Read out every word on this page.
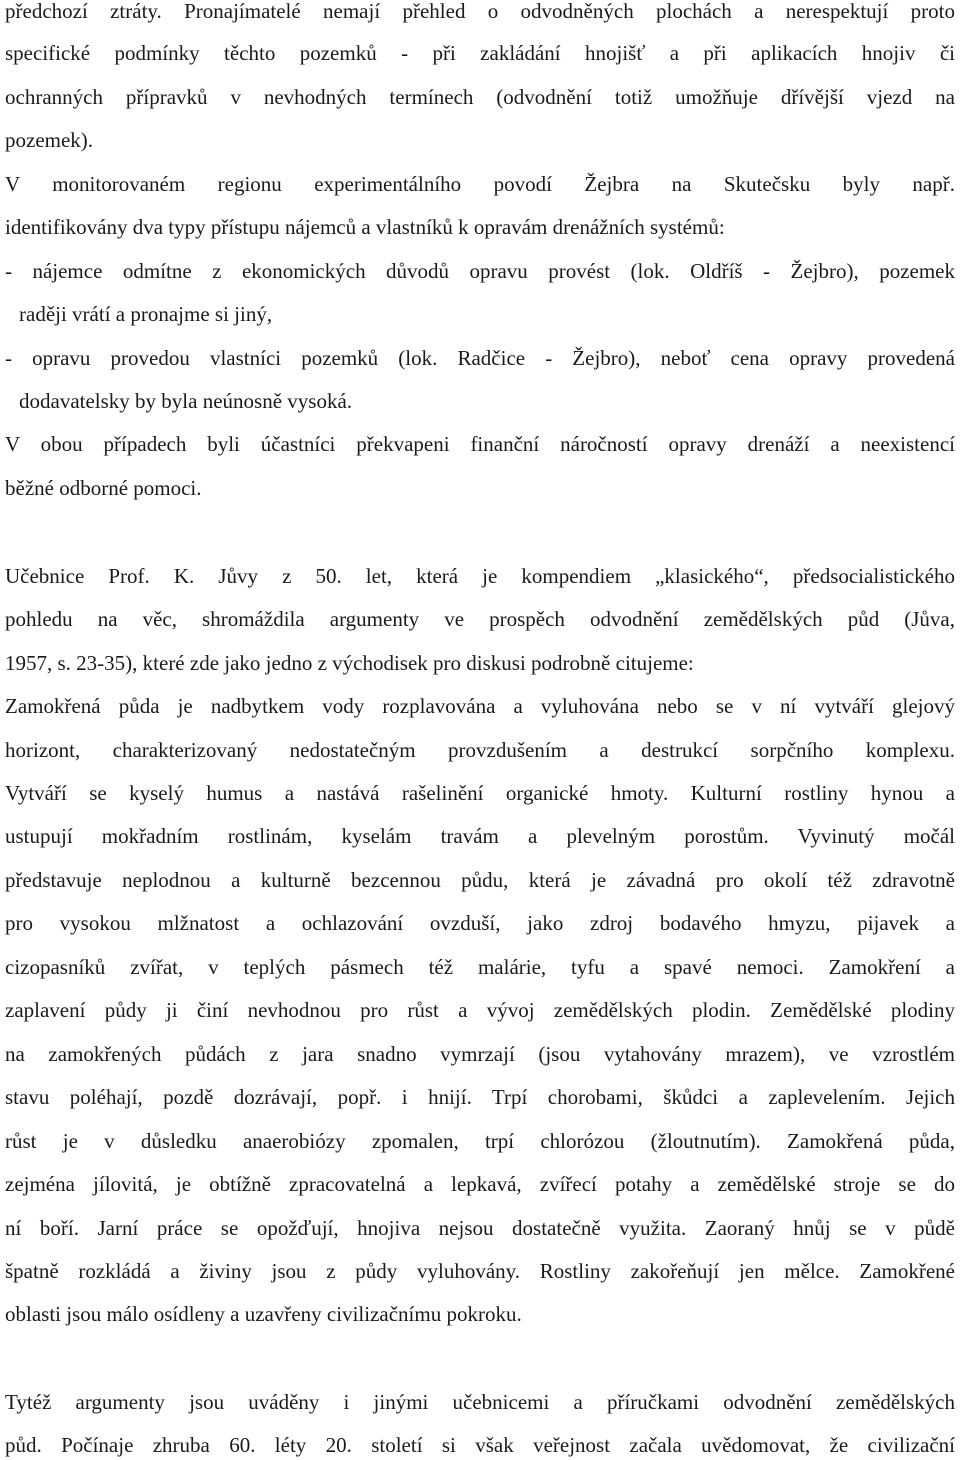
předchozí ztráty. Pronajímatelé nemají přehled o odvodněných plochách a nerespektují proto
specifické podmínky těchto pozemků - při zakládání hnojišť a při aplikacích hnojiv či
ochranných přípravků v nevhodných termínech (odvodnění totiž umožňuje dřívější vjezd na
pozemek).
V monitorovaném regionu experimentálního povodí Žejbra na Skutečsku byly např.
identifikovány dva typy přístupu nájemců a vlastníků k opravám drenážních systémů:
- nájemce odmítne z ekonomických důvodů opravu provést (lok. Oldříš - Žejbro), pozemek
raději vrátí a pronajme si jiný,
- opravu provedou vlastníci pozemků (lok. Radčice - Žejbro), neboť cena opravy provedená
dodavatelsky by byla neúnosně vysoká.
V obou případech byli účastníci překvapeni finanční náročností opravy drenáží a neexistencí
běžné odborné pomoci.
Učebnice Prof. K. Jůvy z 50. let, která je kompendiem „klasického“, předsocialistického
pohledu na věc, shromáždila argumenty ve prospěch odvodnění zemědělských půd (Jůva,
1957, s. 23-35), které zde jako jedno z východisek pro diskusi podrobně citujeme:
Zamokřená půda je nadbytkem vody rozplavována a vyluhována nebo se v ní vytváří glejový
horizont, charakterizovaný nedostatečným provzdušením a destrukcí sorpčního komplexu.
Vytváří se kyselý humus a nastává rašelinění organické hmoty. Kulturní rostliny hynou a
ustupují mokřadním rostlinám, kyselám travám a plevelným porostům. Vyvinutý močál
představuje neplodnou a kulturně bezcennou půdu, která je závadná pro okolí též zdravotně
pro vysokou mlžnatost a ochlazování ovzduší, jako zdroj bodavého hmyzu, pijavek a
cizopasníků zvířat, v teplých pásmech též malárie, tyfu a spavé nemoci. Zamokření a
zaplavení půdy ji činí nevhodnou pro růst a vývoj zemědělských plodin. Zemědělské plodiny
na zamokřených půdách z jara snadno vymrzají (jsou vytahovány mrazem), ve vzrostlém
stavu poléhají, pozdě dozrávají, popř. i hnijí. Trpí chorobami, škůdci a zaplevelením. Jejich
růst je v důsledku anaerobiózy zpomalen, trpí chlorózou (žloutnutím). Zamokřená půda,
zejména jílovitá, je obtížně zpracovatelná a lepkavá, zvířecí potahy a zemědělské stroje se do
ní boří. Jarní práce se opožďují, hnojiva nejsou dostatečně využita. Zaoraný hnůj se v půdě
špatně rozkládá a živiny jsou z půdy vyluhovány. Rostliny zakořeňují jen mělce. Zamokřené
oblasti jsou málo osídleny a uzavřeny civilizačnímu pokroku.
Tytéž argumenty jsou uváděny i jinými učebnicemi a příručkami odvodnění zemědělských
půd. Počínaje zhruba 60. léty 20. století si však veřejnost začala uvědomovat, že civilizační
